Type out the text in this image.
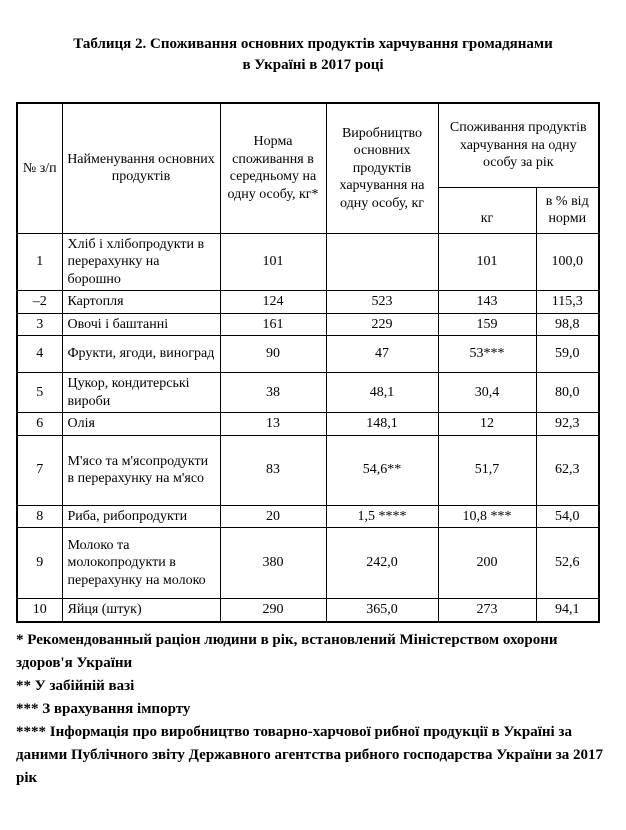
Таблиця 2. Споживання основних продуктів харчування громадянами
в Україні в 2017 році
№ з/п	Найменування основних продуктів	Норма споживання в середньому на одну особу, кг*	Виробництво основних продуктів харчування на одну особу, кг	Споживання продуктів харчування на одну особу за рік	
				кг	в % від норми
1	Хліб і хлібопродукти в перерахунку на борошно	101		101	100,0
–2	Картопля	124	523	143	115,3
3	Овочі і баштанні	161	229	159	98,8
4	Фрукти, ягоди, виноград	90	47	53***	59,0
5	Цукор, кондитерські вироби	38	48,1	30,4	80,0
6	Олія	13	148,1	12	92,3
7	М'ясо та м'ясопродукти в перерахунку на м'ясо	83	54,6**	51,7	62,3
8	Риба, рибопродукти	20	1,5 ****	10,8 ***	54,0
9	Молоко та молокопродукти в перерахунку на молоко	380	242,0	200	52,6
10	Яйця (штук)	290	365,0	273	94,1
* Рекомендованный раціон людини в рік, встановлений Міністерством охорони здоров'я України
** У забійній вазі
*** З врахування імпорту
**** Інформація про виробництво товарно-харчової рибної продукції в Україні за даними Публічного звіту Державного агентства рибного господарства України за 2017 рік
